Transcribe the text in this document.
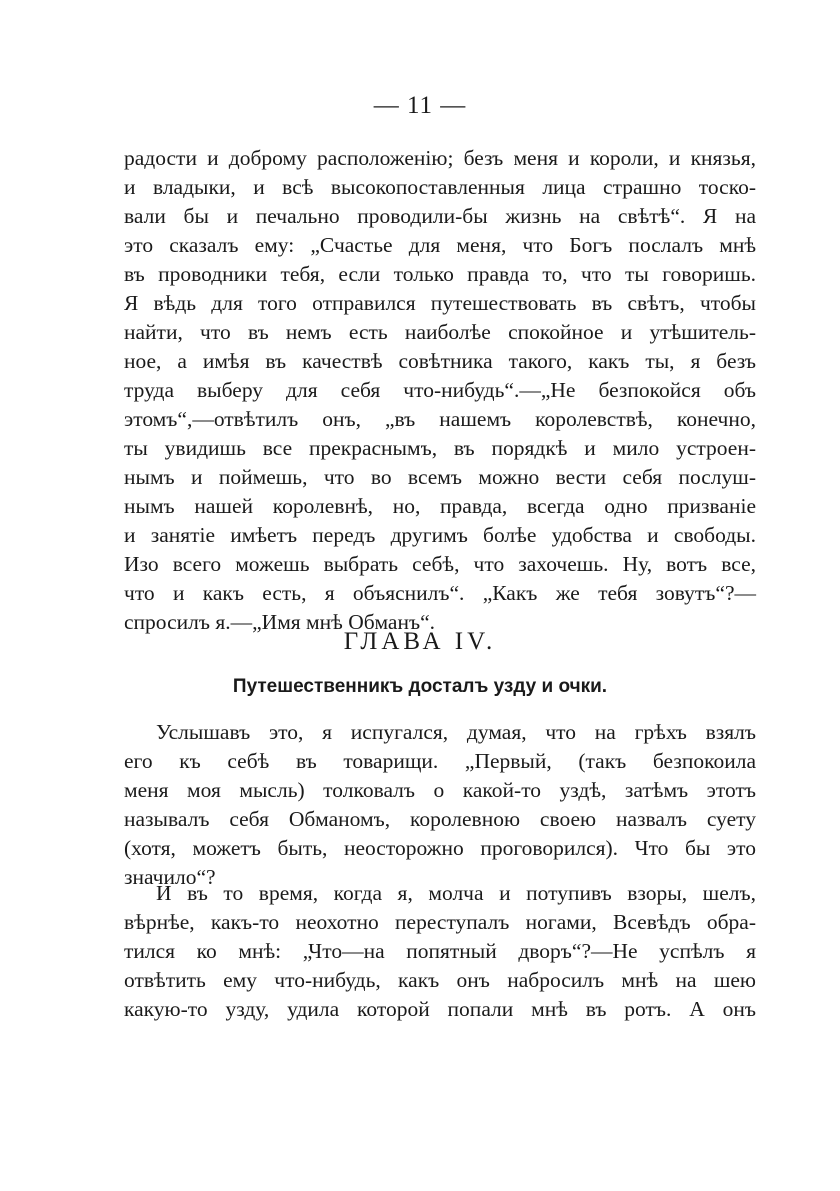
— 11 —
радости и доброму расположенію; безъ меня и короли, и князья,
и владыки, и всѣ высокопоставленныя лица страшно тоско-
вали бы и печально проводили-бы жизнь на свѣтѣ“. Я на
это сказалъ ему: „Счастье для меня, что Богъ послалъ мнѣ
въ проводники тебя, если только правда то, что ты говоришь.
Я вѣдь для того отправился путешествовать въ свѣтъ, чтобы
найти, что въ немъ есть наиболѣе спокойное и утѣшитель-
ное, а имѣя въ качествѣ совѣтника такого, какъ ты, я безъ
труда выберу для себя что-нибудь“.—„Не безпокойся объ
этомъ“,—отвѣтилъ онъ, „въ нашемъ королевствѣ, конечно,
ты увидишь все прекраснымъ, въ порядкѣ и мило устроен-
нымъ и поймешь, что во всемъ можно вести себя послуш-
нымъ нашей королевнѣ, но, правда, всегда одно призваніе
и занятіе имѣетъ передъ другимъ болѣе удобства и свободы.
Изо всего можешь выбрать себѣ, что захочешь. Ну, вотъ все,
что и какъ есть, я объяснилъ“. „Какъ же тебя зовутъ“?—
спросилъ я.—„Имя мнѣ Обманъ“.
ГЛАВА IV.
Путешественникъ досталъ узду и очки.
Услышавъ это, я испугался, думая, что на грѣхъ взялъ
его къ себѣ въ товарищи. „Первый, (такъ безпокоила
меня моя мысль) толковалъ о какой-то уздѣ, затѣмъ этотъ
называлъ себя Обманомъ, королевною своею назвалъ суету
(хотя, можетъ быть, неосторожно проговорился). Что бы это
значило“?
И въ то время, когда я, молча и потупивъ взоры, шелъ,
вѣрнѣе, какъ-то неохотно переступалъ ногами, Всевѣдъ обра-
тился ко мнѣ: „Что—на попятный дворъ“?—Не успѣлъ я
отвѣтить ему что-нибудь, какъ онъ набросилъ мнѣ на шею
какую-то узду, удила которой попали мнѣ въ ротъ. А онъ
